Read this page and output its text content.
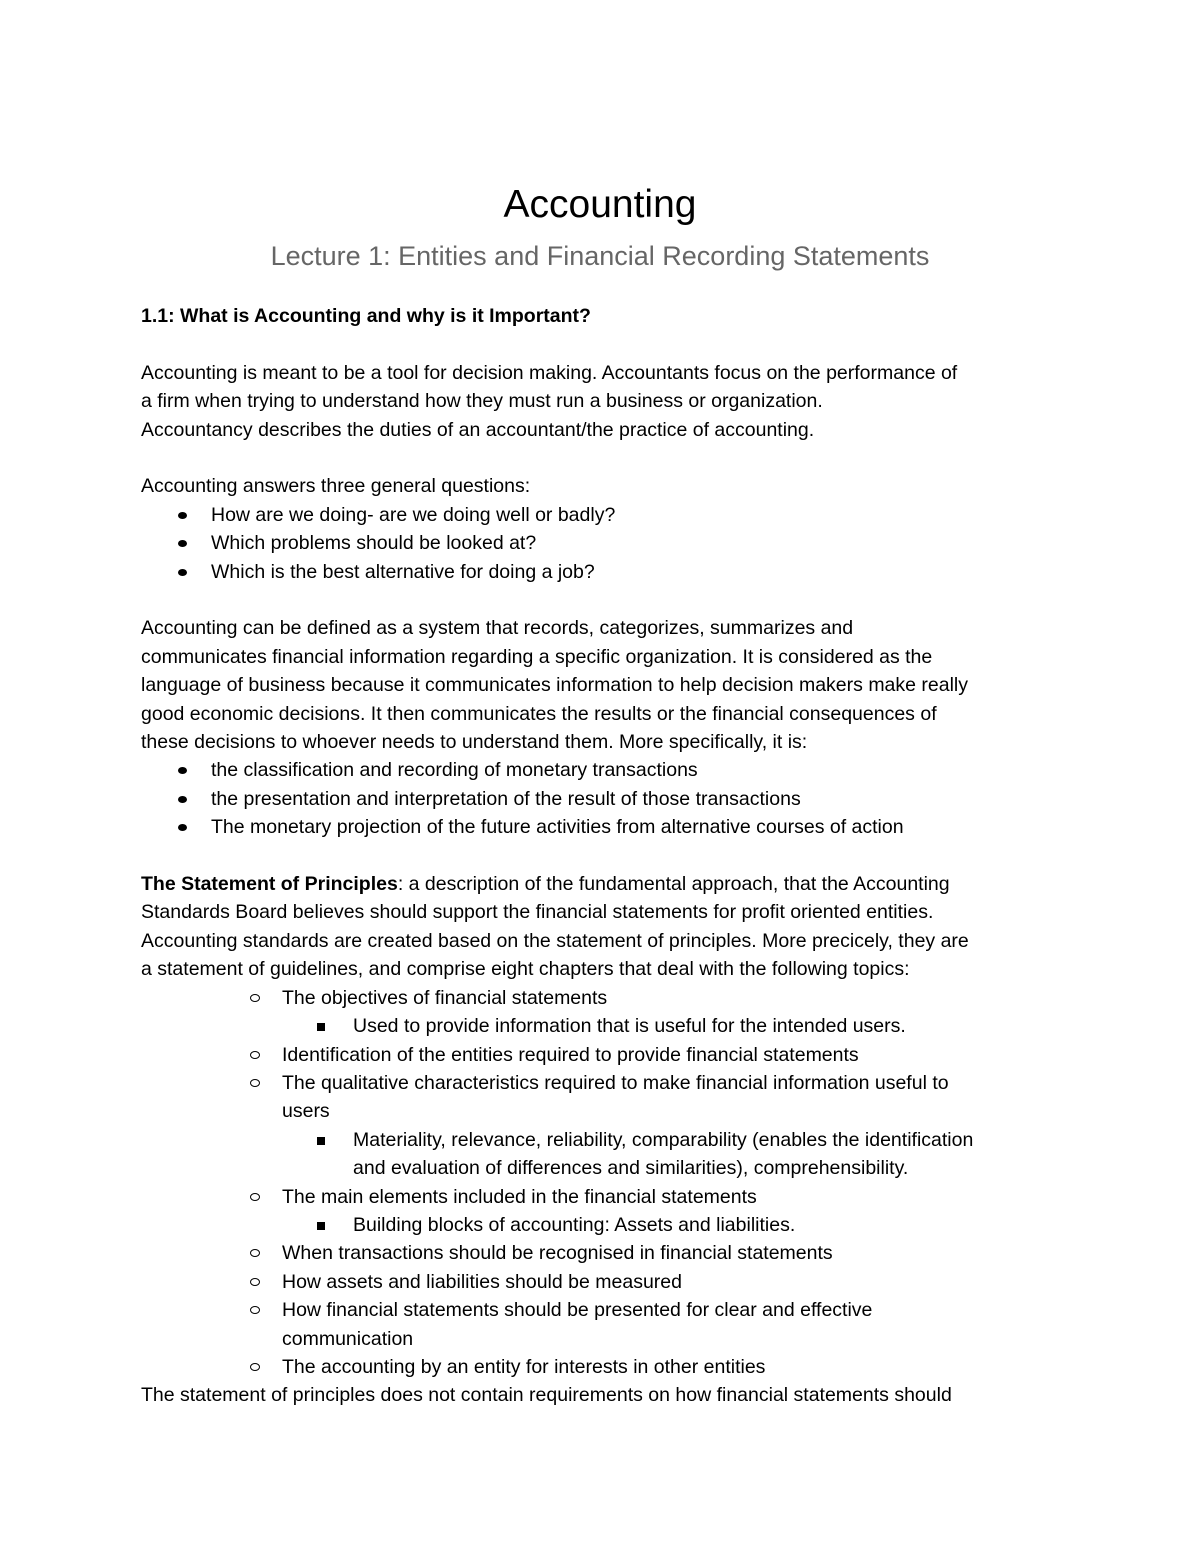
Accounting
Lecture 1: Entities and Financial Recording Statements

1.1: What is Accounting and why is it Important?

Accounting is meant to be a tool for decision making. Accountants focus on the performance of

a firm when trying to understand how they must run a business or organization.

Accountancy describes the duties of an accountant/the practice of accounting.

Accounting answers three general questions:

How are we doing- are we doing well or badly?
Which problems should be looked at?
Which is the best alternative for doing a job?

Accounting can be defined as a system that records, categorizes, summarizes and

communicates financial information regarding a specific organization. It is considered as the

language of business because it communicates information to help decision makers make really

good economic decisions. It then communicates the results or the financial consequences of

these decisions to whoever needs to understand them. More specifically, it is:

the classification and recording of monetary transactions
the presentation and interpretation of the result of those transactions
The monetary projection of the future activities from alternative courses of action

The Statement of Principles: a description of the fundamental approach, that the Accounting

Standards Board believes should support the financial statements for profit oriented entities.

Accounting standards are created based on the statement of principles. More precicely, they are

a statement of guidelines, and comprise eight chapters that deal with the following topics:

The objectives of financial statements
Used to provide information that is useful for the intended users.
Identification of the entities required to provide financial statements
The qualitative characteristics required to make financial information useful to
users
Materiality, relevance, reliability, comparability (enables the identification
and evaluation of differences and similarities), comprehensibility.
The main elements included in the financial statements
Building blocks of accounting: Assets and liabilities.
When transactions should be recognised in financial statements
How assets and liabilities should be measured
How financial statements should be presented for clear and effective
communication
The accounting by an entity for interests in other entities

The statement of principles does not contain requirements on how financial statements should
